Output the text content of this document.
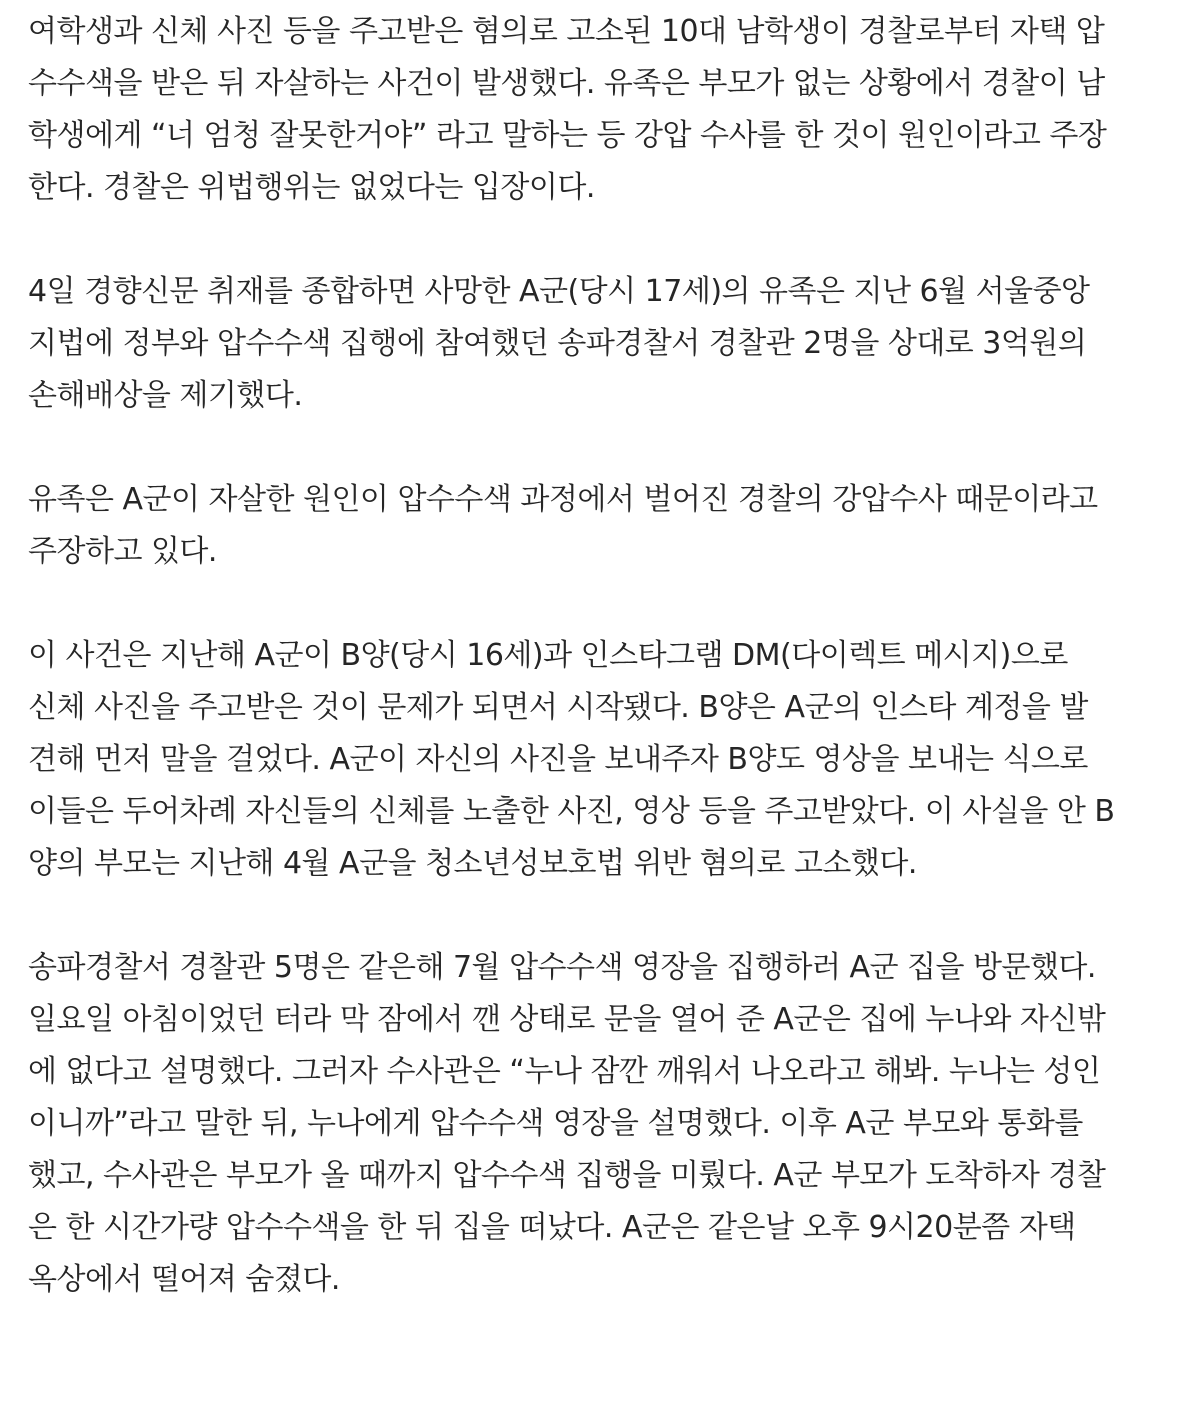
여학생과 신체 사진 등을 주고받은 혐의로 고소된 10대 남학생이 경찰로부터 자택 압
수수색을 받은 뒤 자살하는 사건이 발생했다. 유족은 부모가 없는 상황에서 경찰이 남
학생에게 “너 엄청 잘못한거야” 라고 말하는 등 강압 수사를 한 것이 원인이라고 주장
한다. 경찰은 위법행위는 없었다는 입장이다.

4일 경향신문 취재를 종합하면 사망한 A군(당시 17세)의 유족은 지난 6월 서울중앙
지법에 정부와 압수수색 집행에 참여했던 송파경찰서 경찰관 2명을 상대로 3억원의
손해배상을 제기했다.

유족은 A군이 자살한 원인이 압수수색 과정에서 벌어진 경찰의 강압수사 때문이라고
주장하고 있다.

이 사건은 지난해 A군이 B양(당시 16세)과 인스타그램 DM(다이렉트 메시지)으로
신체 사진을 주고받은 것이 문제가 되면서 시작됐다. B양은 A군의 인스타 계정을 발
견해 먼저 말을 걸었다. A군이 자신의 사진을 보내주자 B양도 영상을 보내는 식으로
이들은 두어차례 자신들의 신체를 노출한 사진, 영상 등을 주고받았다. 이 사실을 안 B
양의 부모는 지난해 4월 A군을 청소년성보호법 위반 혐의로 고소했다.

송파경찰서 경찰관 5명은 같은해 7월 압수수색 영장을 집행하러 A군 집을 방문했다.
일요일 아침이었던 터라 막 잠에서 깬 상태로 문을 열어 준 A군은 집에 누나와 자신밖
에 없다고 설명했다. 그러자 수사관은 “누나 잠깐 깨워서 나오라고 해봐. 누나는 성인
이니까”라고 말한 뒤, 누나에게 압수수색 영장을 설명했다. 이후 A군 부모와 통화를
했고, 수사관은 부모가 올 때까지 압수수색 집행을 미뤘다. A군 부모가 도착하자 경찰
은 한 시간가량 압수수색을 한 뒤 집을 떠났다. A군은 같은날 오후 9시20분쯤 자택
옥상에서 떨어져 숨졌다.
